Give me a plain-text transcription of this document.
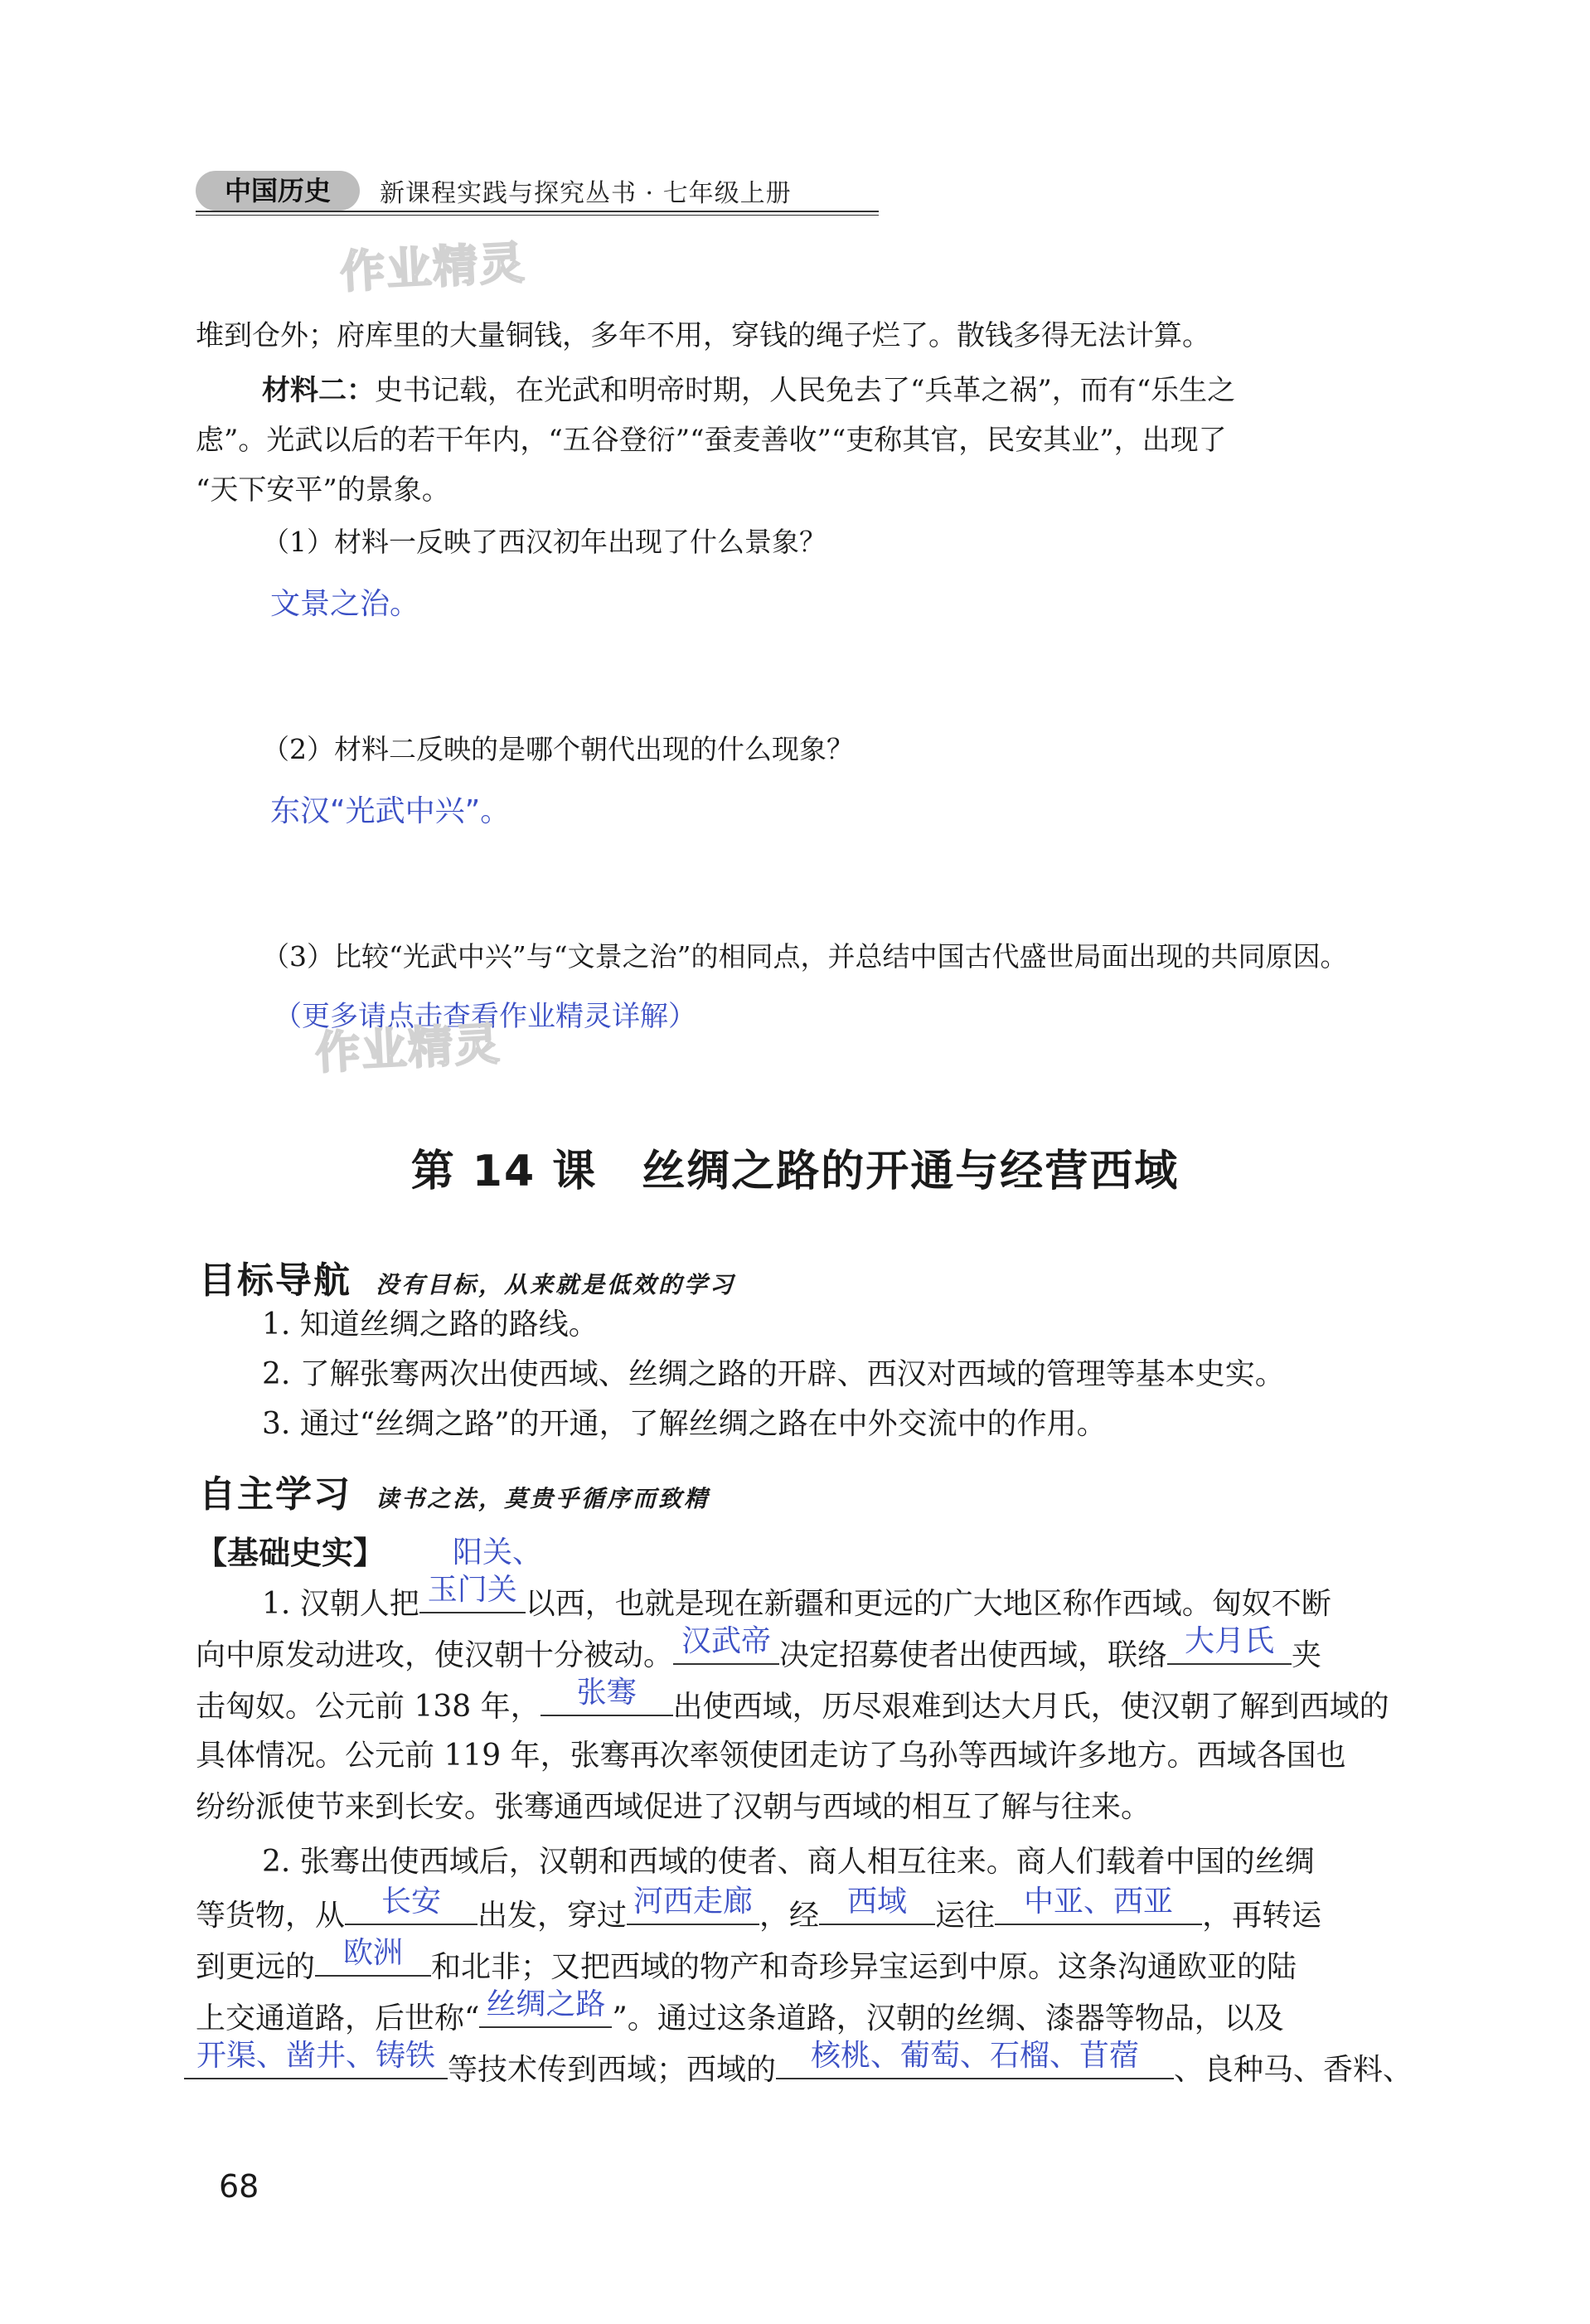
中国历史	新课程实践与探究丛书 · 七年级上册
作业精灵
堆到仓外；府库里的大量铜钱，多年不用，穿钱的绳子烂了。散钱多得无法计算。
材料二：史书记载，在光武和明帝时期，人民免去了“兵革之祸”，而有“乐生之
虑”。光武以后的若干年内，“五谷登衍”“蚕麦善收”“吏称其官，民安其业”，出现了
“天下安平”的景象。
（1）材料一反映了西汉初年出现了什么景象？
文景之治。
（2）材料二反映的是哪个朝代出现的什么现象？
东汉“光武中兴”。
（3）比较“光武中兴”与“文景之治”的相同点，并总结中国古代盛世局面出现的共同原因。
（更多请点击查看作业精灵详解）
作业精灵
第 14 课　丝绸之路的开通与经营西域
目标导航 没有目标，从来就是低效的学习
1. 知道丝绸之路的路线。
2. 了解张骞两次出使西域、丝绸之路的开辟、西汉对西域的管理等基本史实。
3. 通过“丝绸之路”的开通，了解丝绸之路在中外交流中的作用。
自主学习 读书之法，莫贵乎循序而致精
【基础史实】 阳关、
1. 汉朝人把 玉门关 以西，也就是现在新疆和更远的广大地区称作西域。匈奴不断
向中原发动进攻，使汉朝十分被动。 汉武帝 决定招募使者出使西域，联络 大月氏 夹
击匈奴。公元前 138 年，	张骞	出使西域，历尽艰难到达大月氏，使汉朝了解到西域的
具体情况。公元前 119 年，张骞再次率领使团走访了乌孙等西域许多地方。西域各国也
纷纷派使节来到长安。张骞通西域促进了汉朝与西域的相互了解与往来。
2. 张骞出使西域后，汉朝和西域的使者、商人相互往来。商人们载着中国的丝绸
等货物，从	长安	出发，穿过 河西走廊 ，经 西域 运往 中亚、西亚 ，再转运
到更远的 欧洲 和北非；又把西域的物产和奇珍异宝运到中原。这条沟通欧亚的陆
上交通道路，后世称“ 丝绸之路 ”。通过这条道路，汉朝的丝绸、漆器等物品，以及
开渠、凿井、铸铁 等技术传到西域；西域的	核桃、葡萄、石榴、苜蓿	、良种马、香料、
68
